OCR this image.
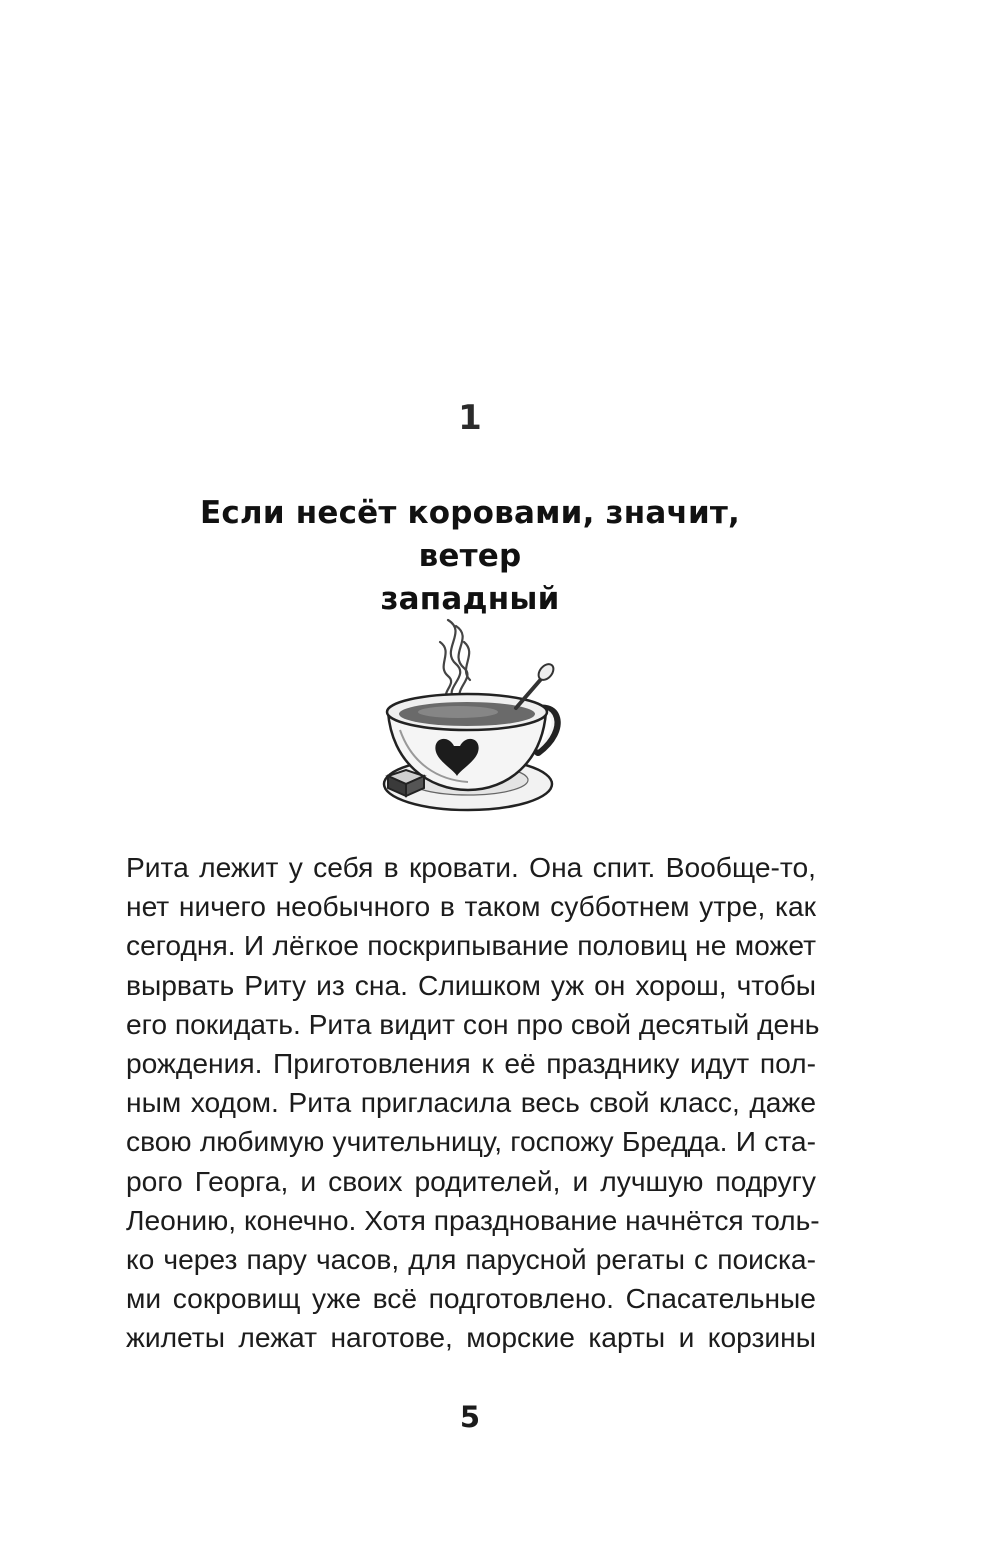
1
Если несёт коровами, значит, ветер
западный
Рита лежит у себя в кровати. Она спит. Вообще-то,
нет ничего необычного в таком субботнем утре, как
сегодня. И лёгкое поскрипывание половиц не может
вырвать Риту из сна. Слишком уж он хорош, чтобы
его покидать. Рита видит сон про свой десятый день
рождения. Приготовления к её празднику идут пол-
ным ходом. Рита пригласила весь свой класс, даже
свою любимую учительницу, госпожу Бредда. И ста-
рого Георга, и своих родителей, и лучшую подругу
Леонию, конечно. Хотя празднование начнётся толь-
ко через пару часов, для парусной регаты с поиска-
ми сокровищ уже всё подготовлено. Спасательные
жилеты лежат наготове, морские карты и корзины
5
